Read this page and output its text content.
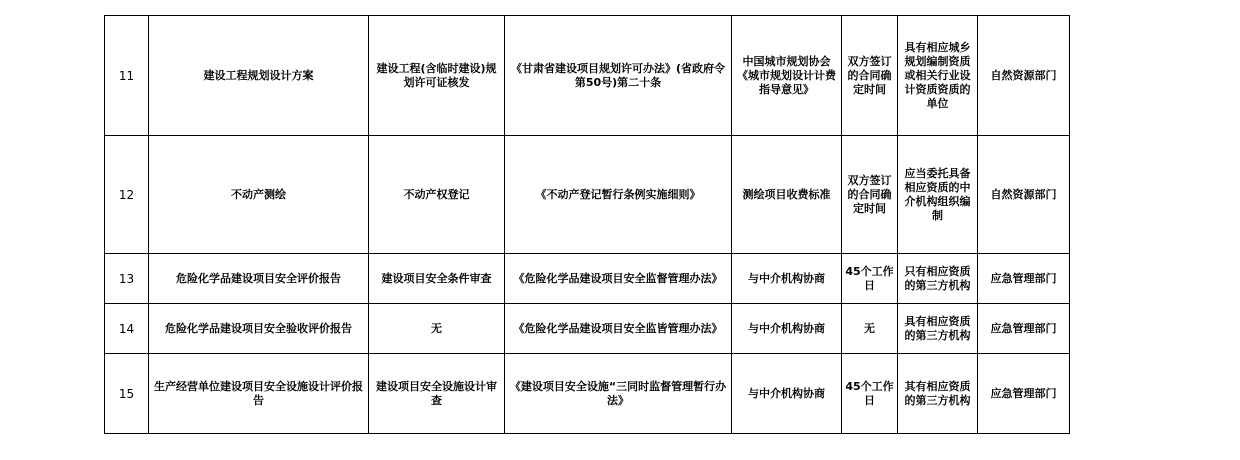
11	建设工程规划设计方案	建设工程(含临时建设)规划许可证核发	《甘肃省建设项目规划许可办法》(省政府令第50号)第二十条	中国城市规划协会《城市规划设计计费指导意见》	双方签订的合同确定时间	具有相应城乡规划编制资质或相关行业设计资质资质的单位	自然资源部门
12	不动产测绘	不动产权登记	《不动产登记暂行条例实施细则》	测绘项目收费标准	双方签订的合同确定时间	应当委托具备相应资质的中介机构组织编制	自然资源部门
13	危险化学品建设项目安全评价报告	建设项目安全条件审查	《危险化学品建设项目安全监督管理办法》	与中介机构协商	45个工作日	只有相应资质的第三方机构	应急管理部门
14	危险化学品建设项目安全验收评价报告	无	《危险化学品建设项目安全监皆管理办法》	与中介机构协商	无	具有相应资质的第三方机构	应急管理部门
15	生产经营单位建设项目安全设施设计评价报告	建设项目安全设施设计审查	《建设项目安全设施“三同时监督管理暂行办法》	与中介机构协商	45个工作日	其有相应资质的第三方机构	应急管理部门
